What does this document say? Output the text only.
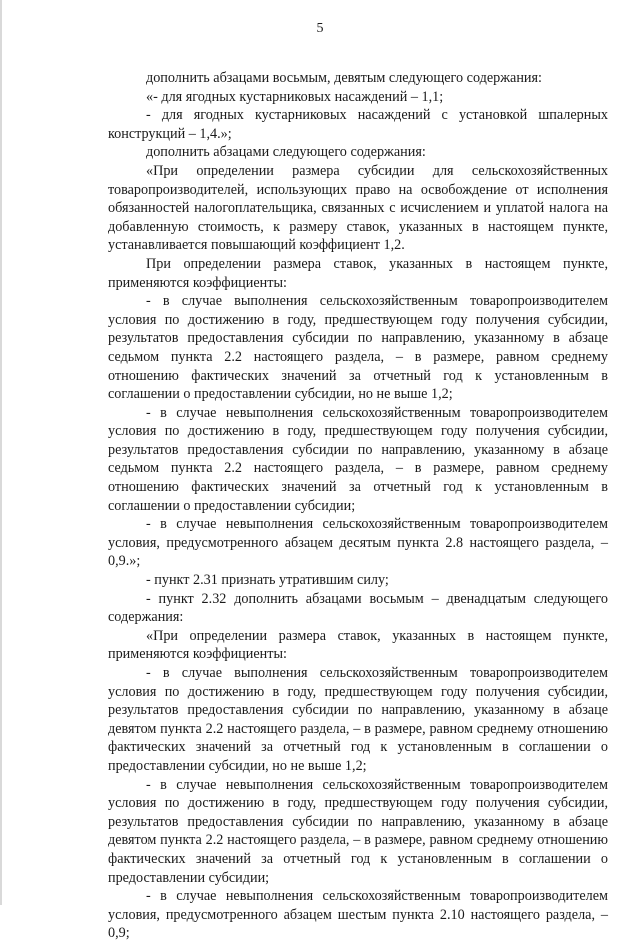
5

дополнить абзацами восьмым, девятым следующего содержания:

«- для ягодных кустарниковых насаждений – 1,1;

- для ягодных кустарниковых насаждений с установкой шпалерных конструкций – 1,4.»;

дополнить абзацами следующего содержания:

«При определении размера субсидии для сельскохозяйственных товаропроизводителей, использующих право на освобождение от исполнения обязанностей налогоплательщика, связанных с исчислением и уплатой налога на добавленную стоимость, к размеру ставок, указанных в настоящем пункте, устанавливается повышающий коэффициент 1,2.

При определении размера ставок, указанных в настоящем пункте, применяются коэффициенты:

- в случае выполнения сельскохозяйственным товаропроизводителем условия по достижению в году, предшествующем году получения субсидии, результатов предоставления субсидии по направлению, указанному в абзаце седьмом пункта 2.2 настоящего раздела, – в размере, равном среднему отношению фактических значений за отчетный год к установленным в соглашении о предоставлении субсидии, но не выше 1,2;

- в случае невыполнения сельскохозяйственным товаропроизводителем условия по достижению в году, предшествующем году получения субсидии, результатов предоставления субсидии по направлению, указанному в абзаце седьмом пункта 2.2 настоящего раздела, – в размере, равном среднему отношению фактических значений за отчетный год к установленным в соглашении о предоставлении субсидии;

- в случае невыполнения сельскохозяйственным товаропроизводителем условия, предусмотренного абзацем десятым пункта 2.8 настоящего раздела, – 0,9.»;

- пункт 2.31 признать утратившим силу;

- пункт 2.32 дополнить абзацами восьмым – двенадцатым следующего содержания:

«При определении размера ставок, указанных в настоящем пункте, применяются коэффициенты:

- в случае выполнения сельскохозяйственным товаропроизводителем условия по достижению в году, предшествующем году получения субсидии, результатов предоставления субсидии по направлению, указанному в абзаце девятом пункта 2.2 настоящего раздела, – в размере, равном среднему отношению фактических значений за отчетный год к установленным в соглашении о предоставлении субсидии, но не выше 1,2;

- в случае невыполнения сельскохозяйственным товаропроизводителем условия по достижению в году, предшествующем году получения субсидии, результатов предоставления субсидии по направлению, указанному в абзаце девятом пункта 2.2 настоящего раздела, – в размере, равном среднему отношению фактических значений за отчетный год к установленным в соглашении о предоставлении субсидии;

- в случае невыполнения сельскохозяйственным товаропроизводителем условия, предусмотренного абзацем шестым пункта 2.10 настоящего раздела, – 0,9;
